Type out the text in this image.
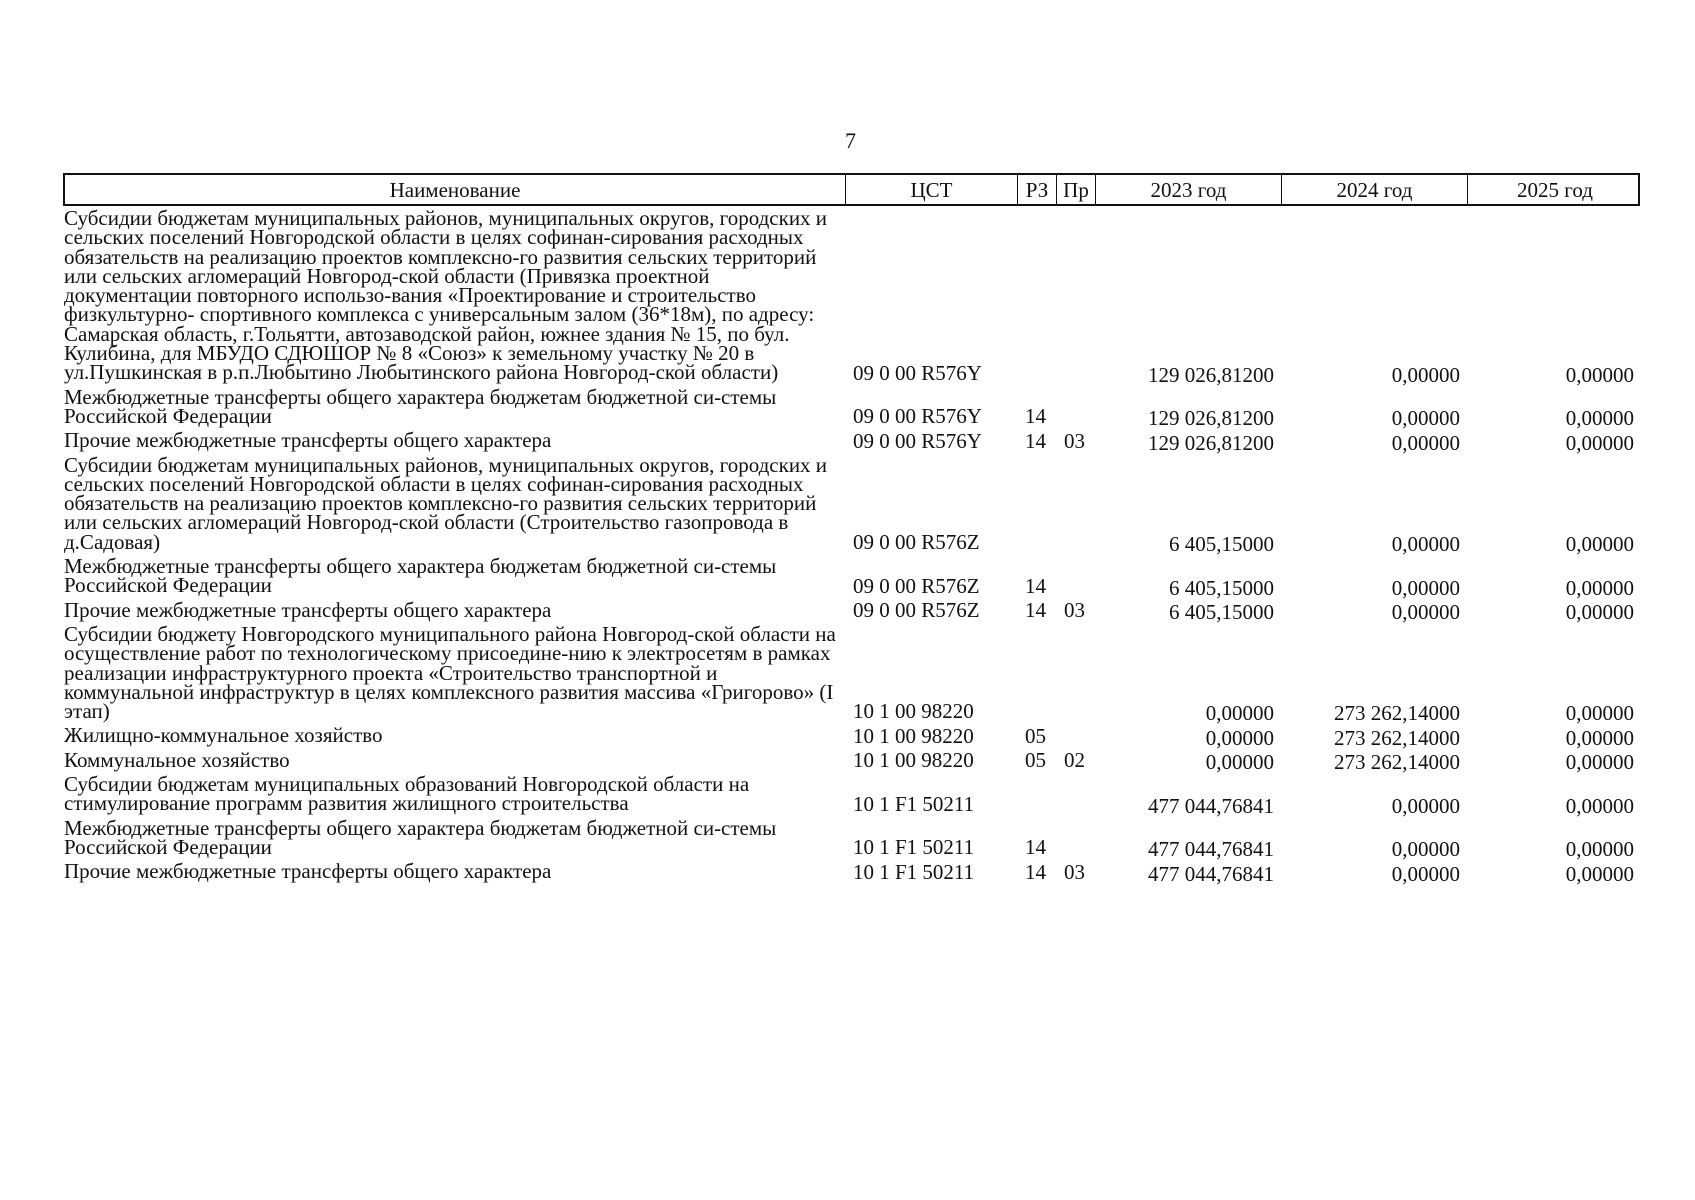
7
Наименование	ЦСТ	РЗ Пр	2023 год	2024 год	2025 год
Субсидии бюджетам муниципальных районов, муниципальных округов, городских и сельских поселений Новгородской области в целях софинан-сирования расходных обязательств на реализацию проектов комплексно-го развития сельских территорий или сельских агломераций Новгород-ской области (Привязка проектной документации повторного использо-вания «Проектирование и строительство физкультурно- спортивного комплекса с универсальным залом (36*18м), по адресу: Самарская область, г.Тольятти, автозаводской район, южнее здания № 15, по бул. Кулибина, для МБУДО СДЮШОР № 8 «Союз» к земельному участку № 20 в ул.Пушкинская в р.п.Любытино Любытинского района Новгород-ской области)	09 0 00 R576Y	129 026,81200	0,00000	0,00000
Межбюджетные трансферты общего характера бюджетам бюджетной си-стемы Российской Федерации	09 0 00 R576Y	14	129 026,81200	0,00000	0,00000
Прочие межбюджетные трансферты общего характера	09 0 00 R576Y	14 03	129 026,81200	0,00000	0,00000
Субсидии бюджетам муниципальных районов, муниципальных округов, городских и сельских поселений Новгородской области в целях софинан-сирования расходных обязательств на реализацию проектов комплексно-го развития сельских территорий или сельских агломераций Новгород-ской области (Строительство газопровода в д.Садовая)	09 0 00 R576Z	6 405,15000	0,00000	0,00000
Межбюджетные трансферты общего характера бюджетам бюджетной си-стемы Российской Федерации	09 0 00 R576Z	14	6 405,15000	0,00000	0,00000
Прочие межбюджетные трансферты общего характера	09 0 00 R576Z	14 03	6 405,15000	0,00000	0,00000
Субсидии бюджету Новгородского муниципального района Новгород-ской области на осуществление работ по технологическому присоедине-нию к электросетям в рамках реализации инфраструктурного проекта «Строительство транспортной и коммунальной инфраструктур в целях комплексного развития массива «Григорово» (I этап)	10 1 00 98220	0,00000	273 262,14000	0,00000
Жилищно-коммунальное хозяйство	10 1 00 98220	05	0,00000	273 262,14000	0,00000
Коммунальное хозяйство	10 1 00 98220	05 02	0,00000	273 262,14000	0,00000
Субсидии бюджетам муниципальных образований Новгородской области на стимулирование программ развития жилищного строительства	10 1 F1 50211	477 044,76841	0,00000	0,00000
Межбюджетные трансферты общего характера бюджетам бюджетной си-стемы Российской Федерации	10 1 F1 50211	14	477 044,76841	0,00000	0,00000
Прочие межбюджетные трансферты общего характера	10 1 F1 50211	14 03	477 044,76841	0,00000	0,00000
